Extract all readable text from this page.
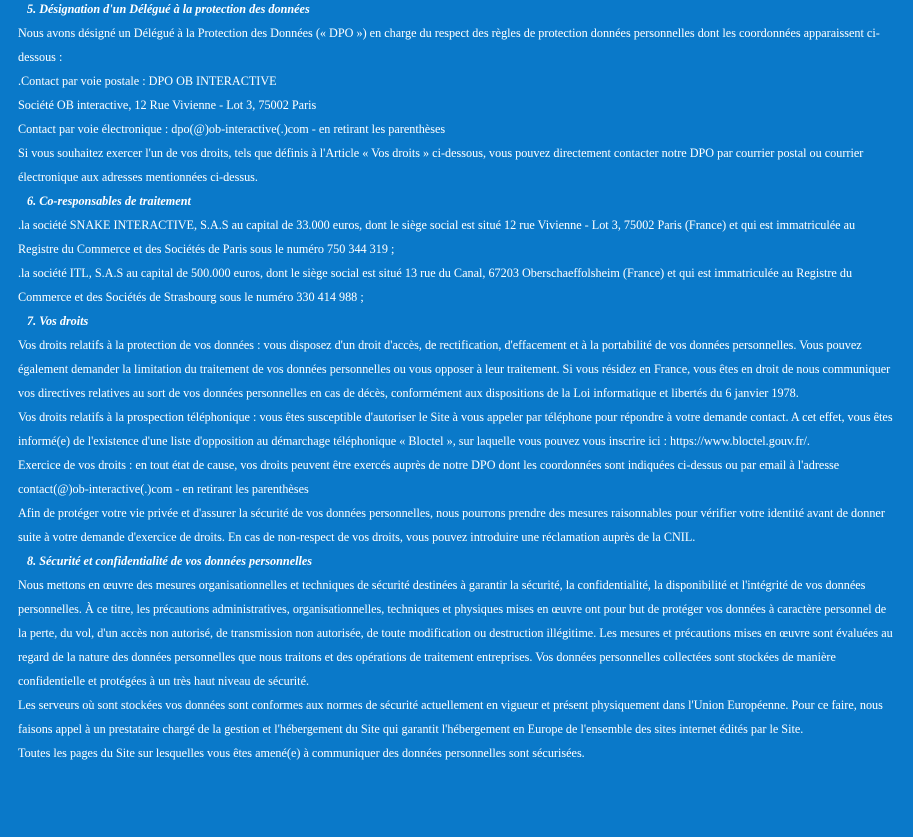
5. Désignation d'un Délégué à la protection des données

Nous avons désigné un Délégué à la Protection des Données (« DPO ») en charge du respect des règles de protection données personnelles dont les coordonnées apparaissent ci-dessous :

.Contact par voie postale : DPO OB INTERACTIVE

Société OB interactive, 12 Rue Vivienne - Lot 3, 75002 Paris

Contact par voie électronique : dpo(@)ob-interactive(.)com - en retirant les parenthèses

Si vous souhaitez exercer l'un de vos droits, tels que définis à l'Article « Vos droits » ci-dessous, vous pouvez directement contacter notre DPO par courrier postal ou courrier électronique aux adresses mentionnées ci-dessus.

6. Co-responsables de traitement

.la société SNAKE INTERACTIVE, S.A.S au capital de 33.000 euros, dont le siège social est situé 12 rue Vivienne - Lot 3, 75002 Paris (France) et qui est immatriculée au Registre du Commerce et des Sociétés de Paris sous le numéro 750 344 319 ;

.la société ITL, S.A.S au capital de 500.000 euros, dont le siège social est situé 13 rue du Canal, 67203 Oberschaeffolsheim (France) et qui est immatriculée au Registre du Commerce et des Sociétés de Strasbourg sous le numéro 330 414 988 ;

7. Vos droits

Vos droits relatifs à la protection de vos données : vous disposez d'un droit d'accès, de rectification, d'effacement et à la portabilité de vos données personnelles. Vous pouvez également demander la limitation du traitement de vos données personnelles ou vous opposer à leur traitement. Si vous résidez en France, vous êtes en droit de nous communiquer vos directives relatives au sort de vos données personnelles en cas de décès, conformément aux dispositions de la Loi informatique et libertés du 6 janvier 1978.

Vos droits relatifs à la prospection téléphonique : vous êtes susceptible d'autoriser le Site à vous appeler par téléphone pour répondre à votre demande contact. A cet effet, vous êtes informé(e) de l'existence d'une liste d'opposition au démarchage téléphonique « Bloctel », sur laquelle vous pouvez vous inscrire ici : https://www.bloctel.gouv.fr/.

Exercice de vos droits : en tout état de cause, vos droits peuvent être exercés auprès de notre DPO dont les coordonnées sont indiquées ci-dessus ou par email à l'adresse contact(@)ob-interactive(.)com - en retirant les parenthèses

Afin de protéger votre vie privée et d'assurer la sécurité de vos données personnelles, nous pourrons prendre des mesures raisonnables pour vérifier votre identité avant de donner suite à votre demande d'exercice de droits. En cas de non-respect de vos droits, vous pouvez introduire une réclamation auprès de la CNIL.

8. Sécurité et confidentialité de vos données personnelles

Nous mettons en œuvre des mesures organisationnelles et techniques de sécurité destinées à garantir la sécurité, la confidentialité, la disponibilité et l'intégrité de vos données personnelles. À ce titre, les précautions administratives, organisationnelles, techniques et physiques mises en œuvre ont pour but de protéger vos données à caractère personnel de la perte, du vol, d'un accès non autorisé, de transmission non autorisée, de toute modification ou destruction illégitime. Les mesures et précautions mises en œuvre sont évaluées au regard de la nature des données personnelles que nous traitons et des opérations de traitement entreprises. Vos données personnelles collectées sont stockées de manière confidentielle et protégées à un très haut niveau de sécurité.

Les serveurs où sont stockées vos données sont conformes aux normes de sécurité actuellement en vigueur et présent physiquement dans l'Union Européenne. Pour ce faire, nous faisons appel à un prestataire chargé de la gestion et l'hébergement du Site qui garantit l'hébergement en Europe de l'ensemble des sites internet édités par le Site.

Toutes les pages du Site sur lesquelles vous êtes amené(e) à communiquer des données personnelles sont sécurisées.
